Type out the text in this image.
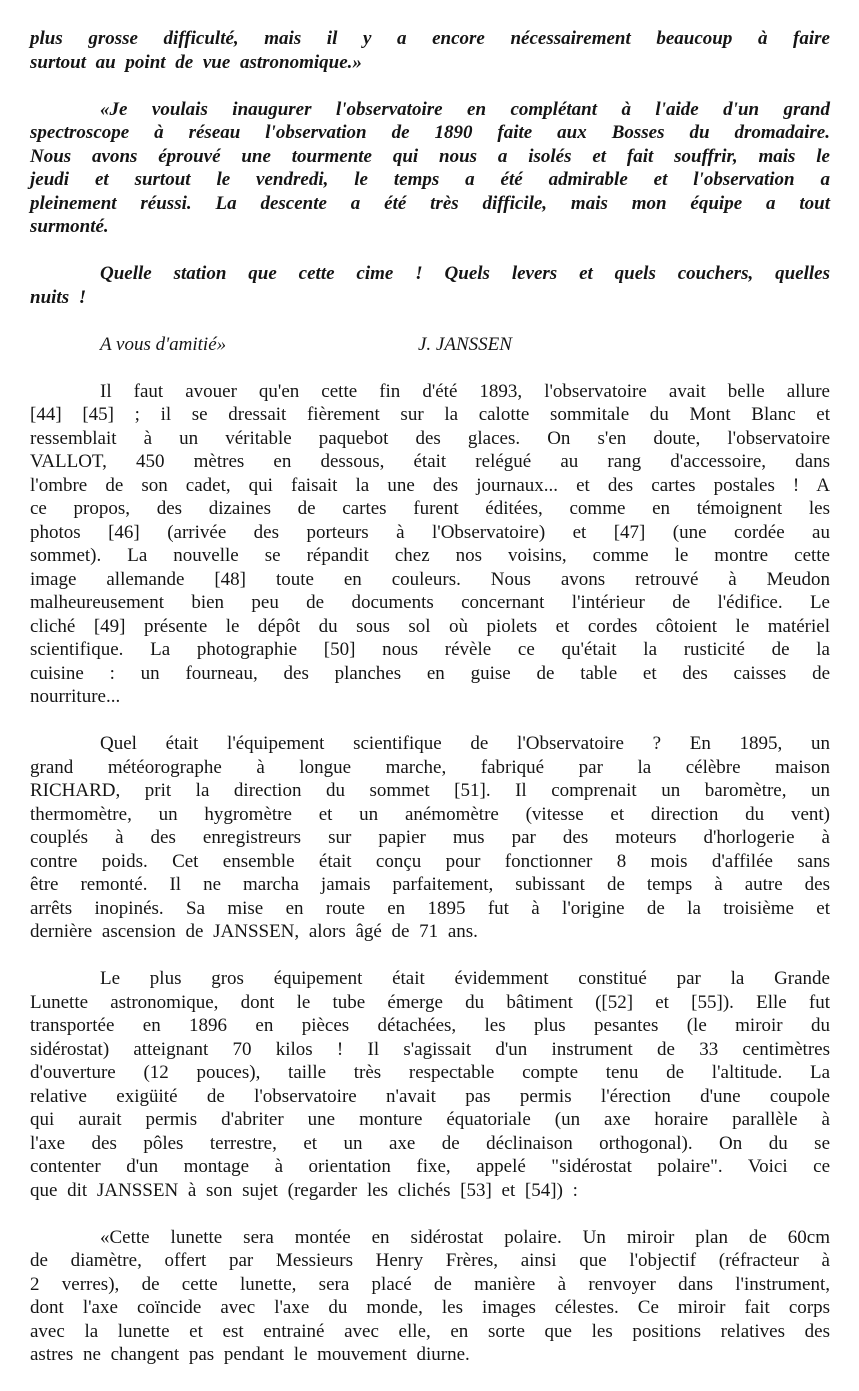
plus grosse difficulté, mais il y a encore nécessairement beaucoup à faire
surtout au point de vue astronomique.»
«Je voulais inaugurer l'observatoire en complétant à l'aide d'un grand
spectroscope à réseau l'observation de 1890 faite aux Bosses du dromadaire.
Nous avons éprouvé une tourmente qui nous a isolés et fait souffrir, mais le
jeudi et surtout le vendredi, le temps a été admirable et l'observation a
pleinement réussi. La descente a été très difficile, mais mon équipe a tout
surmonté.
Quelle station que cette cime ! Quels levers et quels couchers, quelles
nuits !
A vous d'amitié»	J. JANSSEN
Il faut avouer qu'en cette fin d'été 1893, l'observatoire avait belle allure
[44] [45] ; il se dressait fièrement sur la calotte sommitale du Mont Blanc et
ressemblait à un véritable paquebot des glaces. On s'en doute, l'observatoire
VALLOT, 450 mètres en dessous, était relégué au rang d'accessoire, dans
l'ombre de son cadet, qui faisait la une des journaux... et des cartes postales ! A
ce propos, des dizaines de cartes furent éditées, comme en témoignent les
photos [46] (arrivée des porteurs à l'Observatoire) et [47] (une cordée au
sommet). La nouvelle se répandit chez nos voisins, comme le montre cette
image allemande [48] toute en couleurs. Nous avons retrouvé à Meudon
malheureusement bien peu de documents concernant l'intérieur de l'édifice. Le
cliché [49] présente le dépôt du sous sol où piolets et cordes côtoient le matériel
scientifique. La photographie [50] nous révèle ce qu'était la rusticité de la
cuisine : un fourneau, des planches en guise de table et des caisses de
nourriture...
Quel était l'équipement scientifique de l'Observatoire ? En 1895, un
grand météorographe à longue marche, fabriqué par la célèbre maison
RICHARD, prit la direction du sommet [51]. Il comprenait un baromètre, un
thermomètre, un hygromètre et un anémomètre (vitesse et direction du vent)
couplés à des enregistreurs sur papier mus par des moteurs d'horlogerie à
contre poids. Cet ensemble était conçu pour fonctionner 8 mois d'affilée sans
être remonté. Il ne marcha jamais parfaitement, subissant de temps à autre des
arrêts inopinés. Sa mise en route en 1895 fut à l'origine de la troisième et
dernière ascension de JANSSEN, alors âgé de 71 ans.
Le plus gros équipement était évidemment constitué par la Grande
Lunette astronomique, dont le tube émerge du bâtiment ([52] et [55]). Elle fut
transportée en 1896 en pièces détachées, les plus pesantes (le miroir du
sidérostat) atteignant 70 kilos ! Il s'agissait d'un instrument de 33 centimètres
d'ouverture (12 pouces), taille très respectable compte tenu de l'altitude. La
relative exigüité de l'observatoire n'avait pas permis l'érection d'une coupole
qui aurait permis d'abriter une monture équatoriale (un axe horaire parallèle à
l'axe des pôles terrestre, et un axe de déclinaison orthogonal). On du se
contenter d'un montage à orientation fixe, appelé "sidérostat polaire". Voici ce
que dit JANSSEN à son sujet (regarder les clichés [53] et [54]) :
«Cette lunette sera montée en sidérostat polaire. Un miroir plan de 60cm
de diamètre, offert par Messieurs Henry Frères, ainsi que l'objectif (réfracteur à
2 verres), de cette lunette, sera placé de manière à renvoyer dans l'instrument,
dont l'axe coïncide avec l'axe du monde, les images célestes. Ce miroir fait corps
avec la lunette et est entrainé avec elle, en sorte que les positions relatives des
astres ne changent pas pendant le mouvement diurne.
